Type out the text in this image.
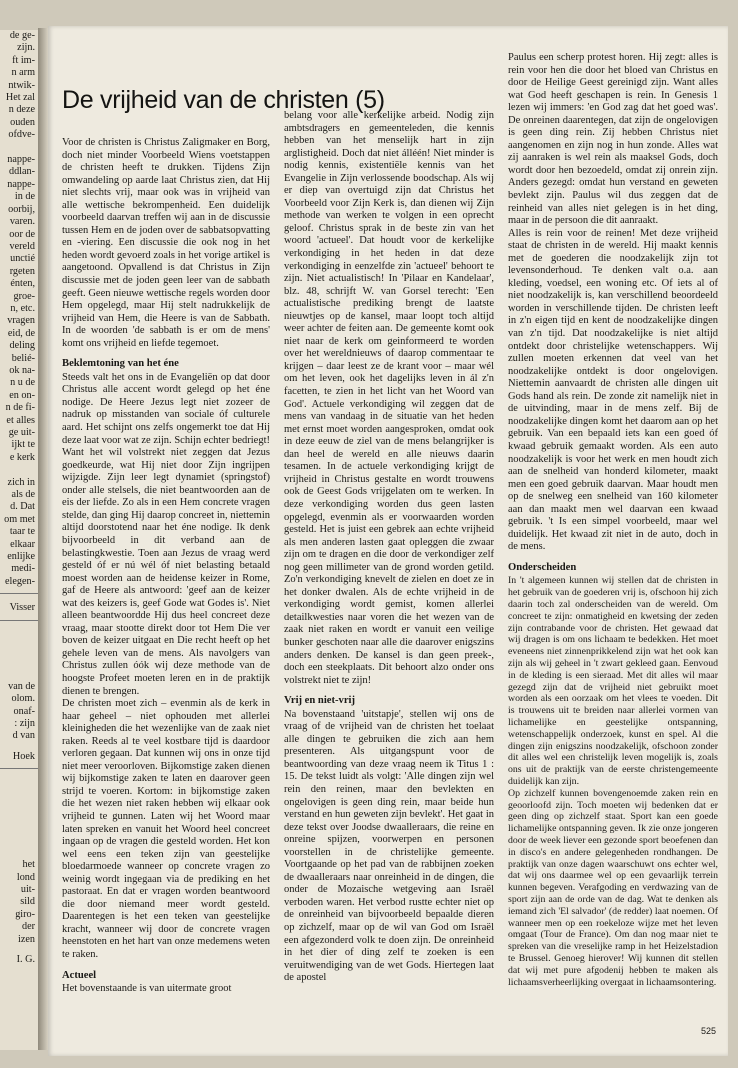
de ge-
zijn.
ft im-
n arm
ntwik-
Het zal
n deze
ouden
ofdve-

nappe-
ddlan-
nappe-
in de
oorbij,
varen.
oor de
vereld
unctié
rgeten
énten,
groe-
n, etc.
vragen
eid, de
deling
belié-
ok na-
n u de
en on-
n de fi-
et alles
ge uit-
ijkt te
e kerk

zich in
als de
d. Dat
om met
taar te
elkaar
enlijke
medi-
elegen-
Visser
van de
olom.
onaf-
: zijn
d van
Hoek
het
lond
uit-
sild
giro-
der
izen
I. G.
De vrijheid van de christen (5)

Voor de christen is Christus Zaligmaker en Borg, doch niet minder Voorbeeld Wiens voetstappen de christen heeft te drukken. Tijdens Zijn omwandeling op aarde laat Christus zien, dat Hij niet slechts vrij, maar ook was in vrijheid van alle wettische bekrompenheid. Een duidelijk voorbeeld daarvan treffen wij aan in de discussie tussen Hem en de joden over de sabbatsopvatting en -viering. Een discussie die ook nog in het heden wordt gevoerd zoals in het vorige artikel is aangetoond. Opvallend is dat Christus in Zijn discussie met de joden geen leer van de sabbath geeft. Geen nieuwe wettische regels worden door Hem opgelegd, maar Hij stelt nadrukkelijk de vrijheid van Hem, die Heere is van de Sabbath. In de woorden 'de sabbath is er om de mens' komt ons vrijheid en liefde tegemoet.

Beklemtoning van het éne

Steeds valt het ons in de Evangeliën op dat door Christus alle accent wordt gelegd op het éne nodige. De Heere Jezus legt niet zozeer de nadruk op misstanden van sociale óf culturele aard. Het schijnt ons zelfs ongemerkt toe dat Hij deze laat voor wat ze zijn. Schijn echter bedriegt! Want het wil volstrekt niet zeggen dat Jezus goedkeurde, wat Hij niet door Zijn ingrijpen wijzigde. Zijn leer legt dynamiet (springstof) onder alle stelsels, die niet beantwoorden aan de eis der liefde. Zo als in een Hem concrete vragen stelde, dan ging Hij daarop concreet in, niettemin altijd doorstotend naar het éne nodige. Ik denk bijvoorbeeld in dit verband aan de belastingkwestie. Toen aan Jezus de vraag werd gesteld óf er nú wél óf niet belasting betaald moest worden aan de heidense keizer in Rome, gaf de Heere als antwoord: 'geef aan de keizer wat des keizers is, geef Gode wat Godes is'. Niet alleen beantwoordde Hij dus heel concreet deze vraag, maar stootte direkt door tot Hem Die ver boven de keizer uitgaat en Die recht heeft op het gehele leven van de mens. Als navolgers van Christus zullen óók wij deze methode van de hoogste Profeet moeten leren en in de praktijk dienen te brengen.

De christen moet zich – evenmin als de kerk in haar geheel – niet ophouden met allerlei kleinigheden die het wezenlijke van de zaak niet raken. Reeds al te veel kostbare tijd is daardoor verloren gegaan. Dat kunnen wij ons in onze tijd niet meer veroorloven. Bijkomstige zaken dienen wij bijkomstige zaken te laten en daarover geen strijd te voeren. Kortom: in bijkomstige zaken die het wezen niet raken hebben wij elkaar ook vrijheid te gunnen. Laten wij het Woord maar laten spreken en vanuit het Woord heel concreet ingaan op de vragen die gesteld worden. Het kon wel eens een teken zijn van geestelijke bloedarmoede wanneer op concrete vragen zo weinig wordt ingegaan via de prediking en het pastoraat. En dat er vragen worden beantwoord die door niemand meer wordt gesteld. Daarentegen is het een teken van geestelijke kracht, wanneer wij door de concrete vragen heenstoten en het hart van onze medemens weten te raken.

Actueel

Het bovenstaande is van uitermate groot

belang voor alle kerkelijke arbeid. Nodig zijn ambtsdragers en gemeenteleden, die kennis hebben van het menselijk hart in zijn arglistigheid. Doch dat niet álléén! Niet minder is nodig kennis, existentiële kennis van het Evangelie in Zijn verlossende boodschap. Als wij er diep van overtuigd zijn dat Christus het Voorbeeld voor Zijn Kerk is, dan dienen wij Zijn methode van werken te volgen in een oprecht geloof. Christus sprak in de beste zin van het woord 'actueel'. Dat houdt voor de kerkelijke verkondiging in het heden in dat deze verkondiging in eenzelfde zin 'actueel' behoort te zijn. Niet actualistisch! In 'Pilaar en Kandelaar', blz. 48, schrijft W. van Gorsel terecht: 'Een actualistische prediking brengt de laatste nieuwtjes op de kansel, maar loopt toch altijd weer achter de feiten aan. De gemeente komt ook niet naar de kerk om geinformeerd te worden over het wereldnieuws of daarop commentaar te krijgen – daar leest ze de krant voor – maar wél om het leven, ook het dagelijks leven in ál z'n facetten, te zien in het licht van het Woord van God'. Actuele verkondiging wil zeggen dat de mens van vandaag in de situatie van het heden met ernst moet worden aangesproken, omdat ook in deze eeuw de ziel van de mens belangrijker is dan heel de wereld en alle nieuws daarin tesamen. In de actuele verkondiging krijgt de vrijheid in Christus gestalte en wordt trouwens ook de Geest Gods vrijgelaten om te werken. In deze verkondiging worden dus geen lasten opgelegd, evenmin als er voorwaarden worden gesteld. Het is juist een gebrek aan echte vrijheid als men anderen lasten gaat opleggen die zwaar zijn om te dragen en die door de verkondiger zelf nog geen millimeter van de grond worden getild. Zo'n verkondiging knevelt de zielen en doet ze in het donker dwalen. Als de echte vrijheid in de verkondiging wordt gemist, komen allerlei detailkwesties naar voren die het wezen van de zaak niet raken en wordt er vanuit een veilige bunker geschoten naar alle die daarover enigszins anders denken. De kansel is dan geen preek-, doch een steekplaats. Dit behoort alzo onder ons volstrekt niet te zijn!

Vrij en niet-vrij

Na bovenstaand 'uitstapje', stellen wij ons de vraag of de vrijheid van de christen het toelaat alle dingen te gebruiken die zich aan hem presenteren. Als uitgangspunt voor de beantwoording van deze vraag neem ik Titus 1 : 15. De tekst luidt als volgt: 'Alle dingen zijn wel rein den reinen, maar den bevlekten en ongelovigen is geen ding rein, maar beide hun verstand en hun geweten zijn bevlekt'. Het gaat in deze tekst over Joodse dwaalleraars, die reine en onreine spijzen, voorwerpen en personen voorstellen in de christelijke gemeente. Voortgaande op het pad van de rabbijnen zoeken de dwaalleraars naar onreinheid in de dingen, die onder de Mozaische wetgeving aan Israël verboden waren. Het verbod rustte echter niet op de onreinheid van bijvoorbeeld bepaalde dieren op zichzelf, maar op de wil van God om Israël een afgezonderd volk te doen zijn. De onreinheid in het dier of ding zelf te zoeken is een veruitwendiging van de wet Gods. Hiertegen laat de apostel

Paulus een scherp protest horen. Hij zegt: alles is rein voor hen die door het bloed van Christus en door de Heilige Geest gereinigd zijn. Want alles wat God heeft geschapen is rein. In Genesis 1 lezen wij immers: 'en God zag dat het goed was'. De onreinen daarentegen, dat zijn de ongelovigen is geen ding rein. Zij hebben Christus niet aangenomen en zijn nog in hun zonde. Alles wat zij aanraken is wel rein als maaksel Gods, doch wordt door hen bezoedeld, omdat zij onrein zijn. Anders gezegd: omdat hun verstand en geweten bevlekt zijn. Paulus wil dus zeggen dat de reinheid van alles niet gelegen is in het ding, maar in de persoon die dit aanraakt.

Alles is rein voor de reinen! Met deze vrijheid staat de christen in de wereld. Hij maakt kennis met de goederen die noodzakelijk zijn tot levensonderhoud. Te denken valt o.a. aan kleding, voedsel, een woning etc. Of iets al of niet noodzakelijk is, kan verschillend beoordeeld worden in verschillende tijden. De christen leeft in z'n eigen tijd en kent de noodzakelijke dingen van z'n tijd. Dat noodzakelijke is niet altijd ontdekt door christelijke wetenschappers. Wij zullen moeten erkennen dat veel van het noodzakelijke ontdekt is door ongelovigen. Niettemin aanvaardt de christen alle dingen uit Gods hand als rein. De zonde zit namelijk niet in de uitvinding, maar in de mens zelf. Bij de noodzakelijke dingen komt het daarom aan op het gebruik. Van een bepaald iets kan een goed óf kwaad gebruik gemaakt worden. Als een auto noodzakelijk is voor het werk en men houdt zich aan de snelheid van honderd kilometer, maakt men een goed gebruik daarvan. Maar houdt men op de snelweg een snelheid van 160 kilometer aan dan maakt men wel daarvan een kwaad gebruik. 't Is een simpel voorbeeld, maar wel duidelijk. Het kwaad zit niet in de auto, doch in de mens.

Onderscheiden

In 't algemeen kunnen wij stellen dat de christen in het gebruik van de goederen vrij is, ofschoon hij zich daarin toch zal onderscheiden van de wereld. Om concreet te zijn: onmatigheid en kwetsing der zeden zijn contrabande voor de christen. Het gewaad dat wij dragen is om ons lichaam te bedekken. Het moet eveneens niet zinnenprikkelend zijn wat het ook kan zijn als wij geheel in 't zwart gekleed gaan. Eenvoud in de kleding is een sieraad. Met dit alles wil maar gezegd zijn dat de vrijheid niet gebruikt moet worden als een oorzaak om het vlees te voeden. Dit is trouwens uit te breiden naar allerlei vormen van lichamelijke en geestelijke ontspanning, wetenschappelijk onderzoek, kunst en spel. Al die dingen zijn enigszins noodzakelijk, ofschoon zonder dit alles wel een christelijk leven mogelijk is, zoals ons uit de praktijk van de eerste christengemeente duidelijk kan zijn.

Op zichzelf kunnen bovengenoemde zaken rein en geoorloofd zijn. Toch moeten wij bedenken dat er geen ding op zichzelf staat. Sport kan een goede lichamelijke ontspanning geven. Ik zie onze jongeren door de week liever een gezonde sport beoefenen dan in disco's en andere gelegenheden rondhangen. De praktijk van onze dagen waarschuwt ons echter wel, dat wij ons daarmee wel op een gevaarlijk terrein kunnen begeven. Verafgoding en verdwazing van de sport zijn aan de orde van de dag. Wat te denken als iemand zich 'El salvador' (de redder) laat noemen. Of wanneer men op een roekeloze wijze met het leven omgaat (Tour de France). Om dan nog maar niet te spreken van die vreselijke ramp in het Heizelstadion te Brussel. Genoeg hierover! Wij kunnen dit stellen dat wij met pure afgodenij hebben te maken als lichaamsverheerlijking overgaat in lichaamsontering.

525
